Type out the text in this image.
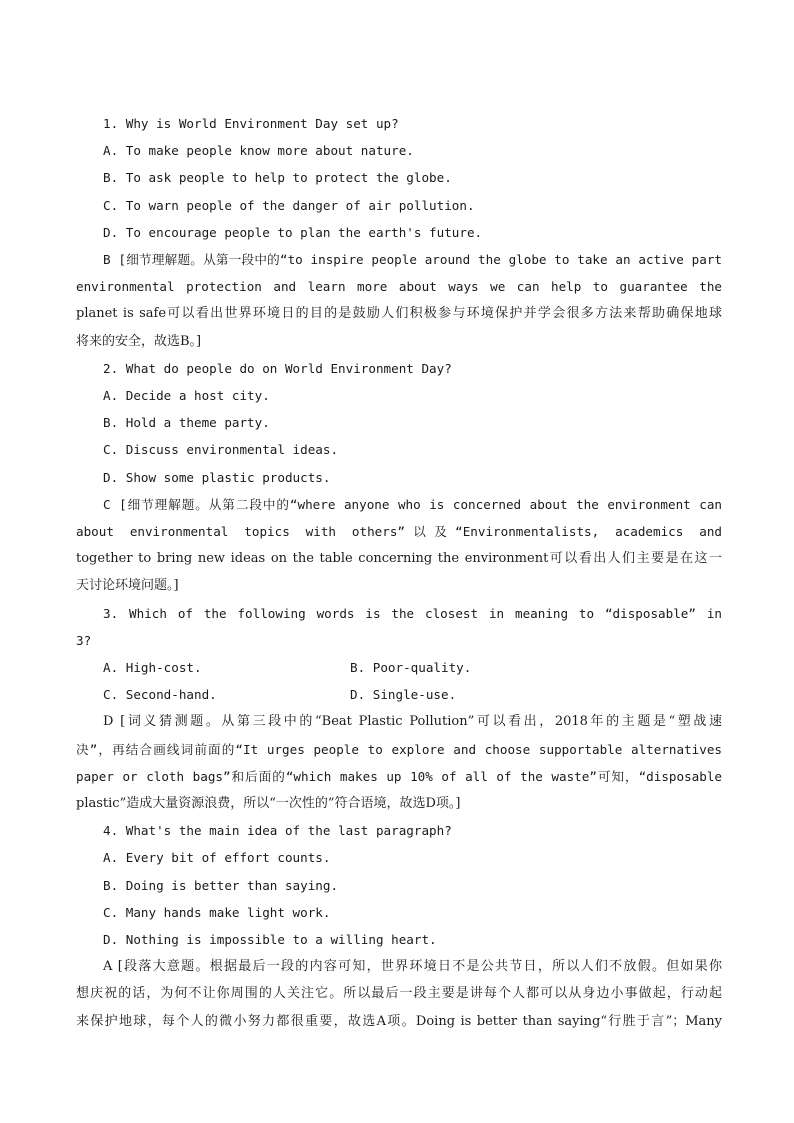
1. Why is World Environment Day set up?

A. To make people know more about nature.

B. To ask people to help to protect the globe.

C. To warn people of the danger of air pollution.

D. To encourage people to plan the earth's future.

B [细节理解题。从第一段中的“to inspire people around the globe to take an active part

environmental protection and learn more about ways we can help to guarantee the

planet is safe可以看出世界环境日的目的是鼓励人们积极参与环境保护并学会很多方法来帮助确保地球

将来的安全，故选B。]

2. What do people do on World Environment Day?

A. Decide a host city.

B. Hold a theme party.

C. Discuss environmental ideas.

D. Show some plastic products.

C [细节理解题。从第二段中的“where anyone who is concerned about the environment can

about environmental topics with others”以及“Environmentalists, academics and

together to bring new ideas on the table concerning the environment可以看出人们主要是在这一

天讨论环境问题。]

3. Which of the following words is the closest in meaning to “disposable” in

3?

A. High-cost.	B. Poor-quality.
C. Second-hand.	D. Single-use.

D [词义猜测题。从第三段中的“Beat Plastic Pollution”可以看出，2018年的主题是“塑战速

决”，再结合画线词前面的“It urges people to explore and choose supportable alternatives

paper or cloth bags”和后面的“which makes up 10% of all of the waste”可知，“disposable

plastic”造成大量资源浪费，所以“一次性的”符合语境，故选D项。]

4. What's the main idea of the last paragraph?

A. Every bit of effort counts.

B. Doing is better than saying.

C. Many hands make light work.

D. Nothing is impossible to a willing heart.

A [段落大意题。根据最后一段的内容可知，世界环境日不是公共节日，所以人们不放假。但如果你

想庆祝的话，为何不让你周围的人关注它。所以最后一段主要是讲每个人都可以从身边小事做起，行动起

来保护地球，每个人的微小努力都很重要，故选A项。Doing is better than saying“行胜于言”；Many
